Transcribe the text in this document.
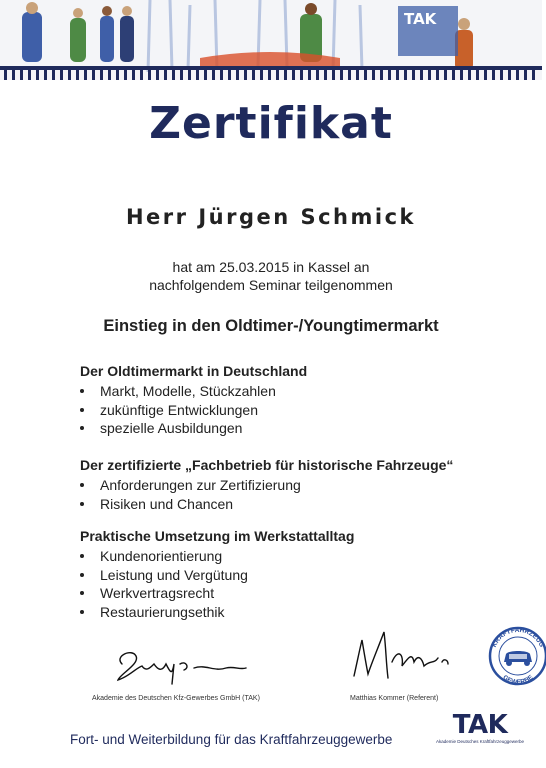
TAK
Zertifikat
Herr Jürgen Schmick
hat am 25.03.2015 in Kassel an
nachfolgendem Seminar teilgenommen
Einstieg in den Oldtimer-/Youngtimermarkt
Der Oldtimermarkt in Deutschland
Markt, Modelle, Stückzahlen
zukünftige Entwicklungen
spezielle Ausbildungen
Der zertifizierte „Fachbetrieb für historische Fahrzeuge“
Anforderungen zur Zertifizierung
Risiken und Chancen
Praktische Umsetzung im Werkstattalltag
Kundenorientierung
Leistung und Vergütung
Werkvertragsrecht
Restaurierungsethik
Akademie des Deutschen Kfz-Gewerbes GmbH (TAK)	Matthias Kommer (Referent)
KRAFTFAHRZEUG
GEWERBE
Fort- und Weiterbildung für das Kraftfahrzeuggewerbe	TAK
Akademie Deutsches Kraftfahrzeuggewerbe
